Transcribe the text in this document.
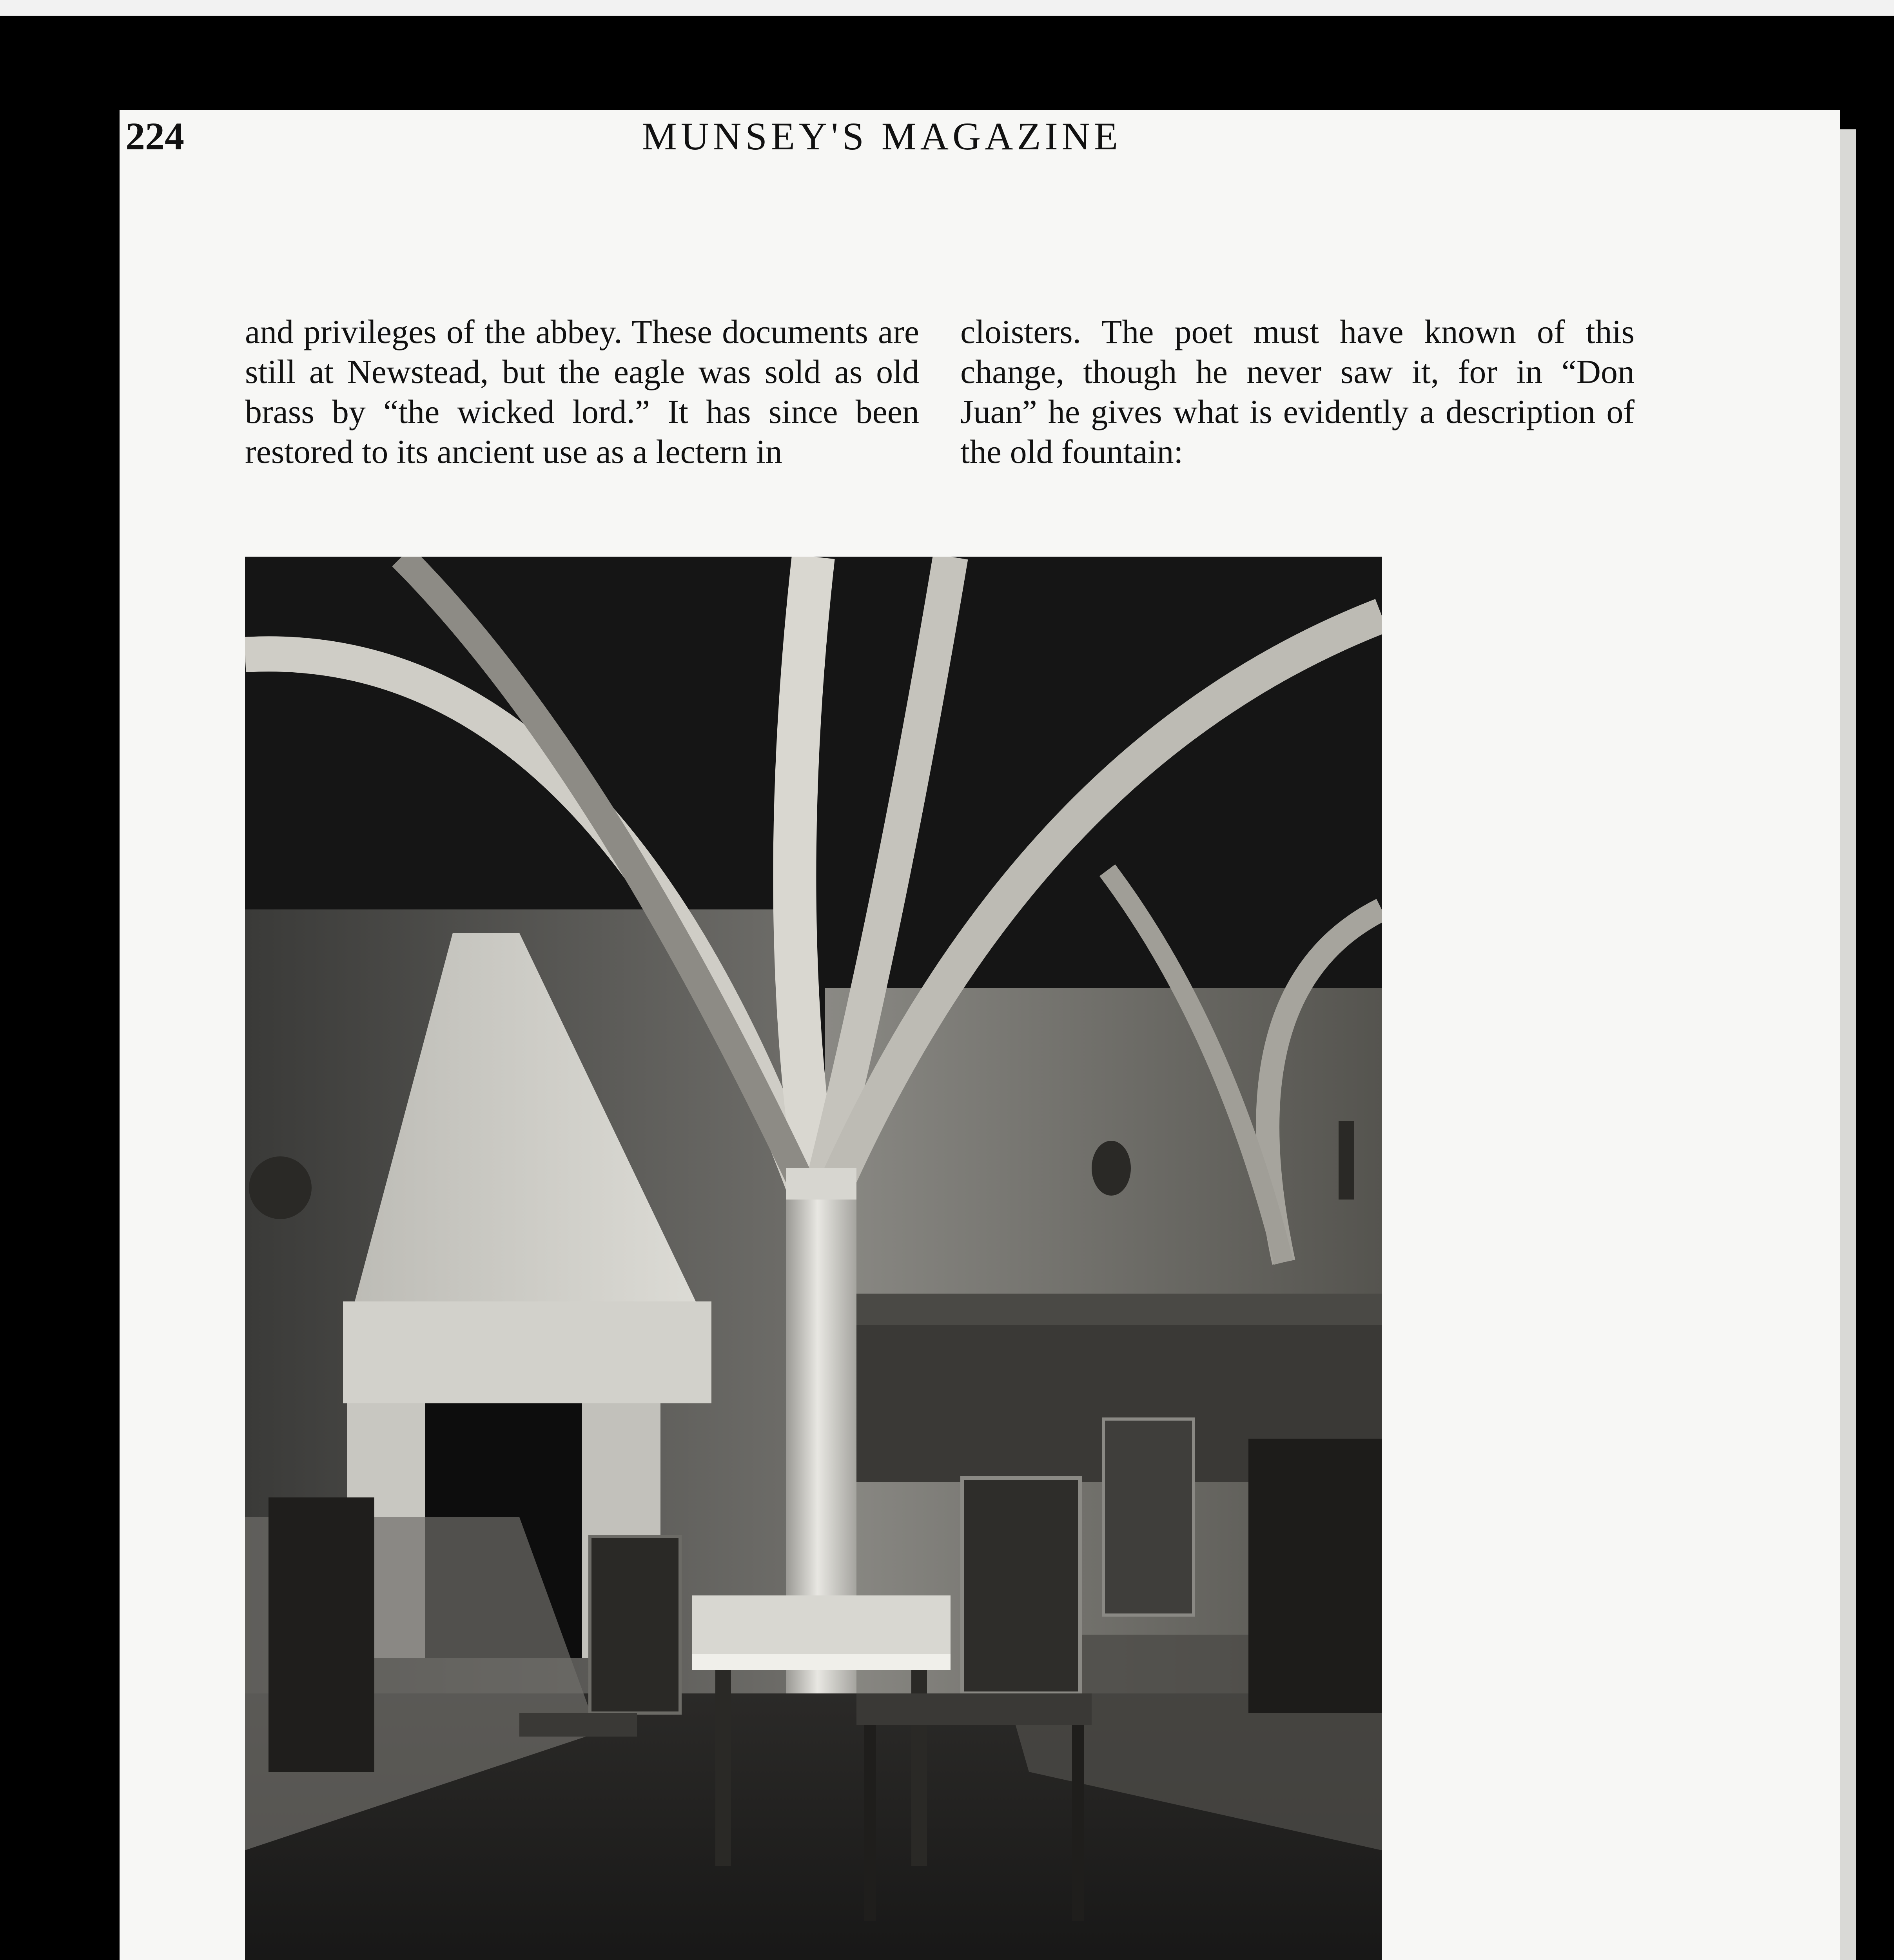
224	MUNSEY'S MAGAZINE

and privileges of the abbey. These documents are still at Newstead, but the eagle was sold as old brass by “the wicked lord.” It has since been restored to its ancient use as a lectern in

cloisters. The poet must have known of this change, though he never saw it, for in “Don Juan” he gives what is evidently a description of the old fountain:
